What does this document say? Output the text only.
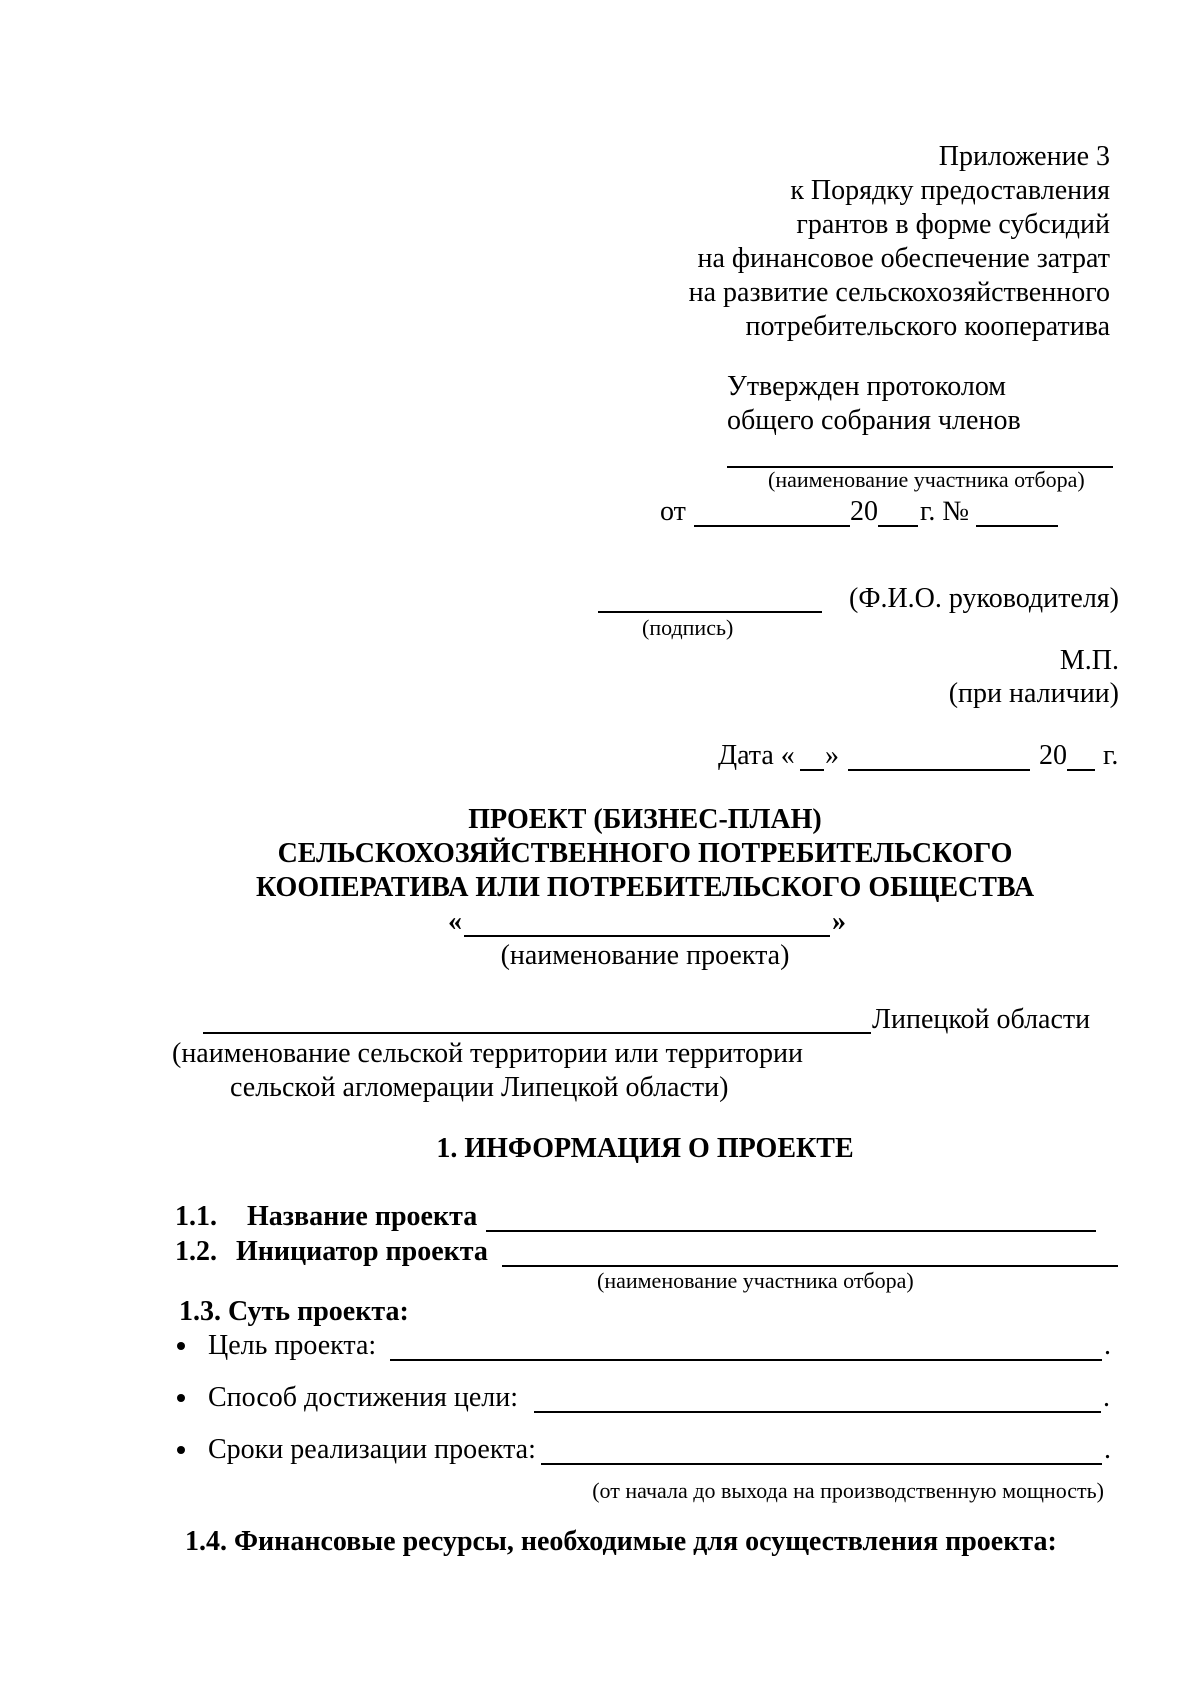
Приложение 3
к Порядку предоставления
грантов в форме субсидий
на финансовое обеспечение затрат
на развитие сельскохозяйственного
потребительского кооператива
Утвержден протоколом
общего собрания членов
(наименование участника отбора)
от	20 г. №
(Ф.И.О. руководителя)
(подпись)
М.П.
(при наличии)
Дата « »	20 г.
ПРОЕКТ (БИЗНЕС-ПЛАН)
СЕЛЬСКОХОЗЯЙСТВЕННОГО ПОТРЕБИТЕЛЬСКОГО
КООПЕРАТИВА ИЛИ ПОТРЕБИТЕЛЬСКОГО ОБЩЕСТВА
«	»
(наименование проекта)
Липецкой области
(наименование сельской территории или территории
сельской агломерации Липецкой области)
1. ИНФОРМАЦИЯ О ПРОЕКТЕ
1.1. Название проекта
1.2. Инициатор проекта
(наименование участника отбора)
1.3. Суть проекта:
Цель проекта:	.
Способ достижения цели:	.
Сроки реализации проекта:	.
(от начала до выхода на производственную мощность)
1.4. Финансовые ресурсы, необходимые для осуществления проекта:
